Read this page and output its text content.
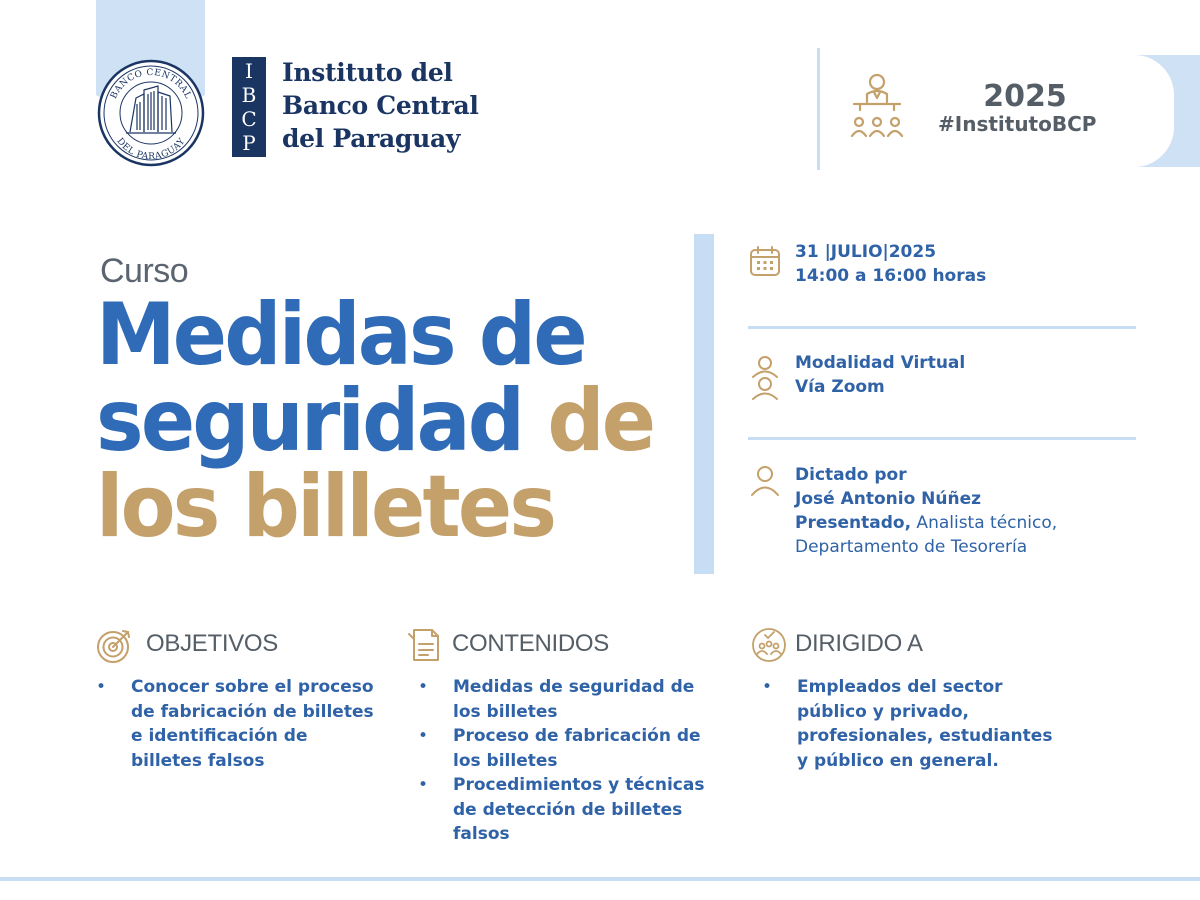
BANCO CENTRAL
DEL PARAGUAY
I
B
C
P
Instituto del
Banco Central
del Paraguay
2025
#InstitutoBCP
Curso
Medidas de
seguridad de
los billetes
31 |JULIO|2025
14:00 a 16:00 horas
Modalidad Virtual
Vía Zoom
Dictado por
José Antonio Núñez
Presentado, Analista técnico,
Departamento de Tesorería
OBJETIVOS
• Conocer sobre el proceso de fabricación de billetes e identificación de billetes falsos
CONTENIDOS
• Medidas de seguridad de los billetes
• Proceso de fabricación de los billetes
• Procedimientos y técnicas de detección de billetes falsos
DIRIGIDO A
• Empleados del sector público y privado, profesionales, estudiantes y público en general.
